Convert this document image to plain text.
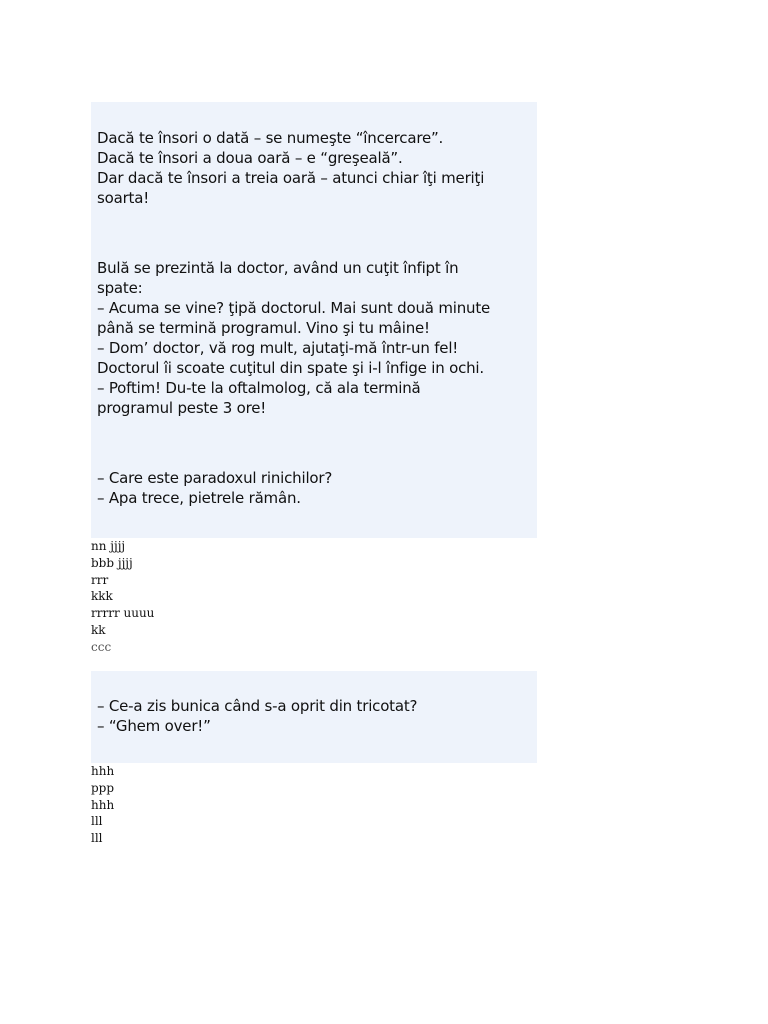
Dacă te însori o dată – se numeşte “încercare”.
Dacă te însori a doua oară – e “greşeală”.
Dar dacă te însori a treia oară – atunci chiar îţi meriţi
soarta!
Bulă se prezintă la doctor, având un cuţit înfipt în
spate:
– Acuma se vine? ţipă doctorul. Mai sunt două minute
până se termină programul. Vino şi tu mâine!
– Dom’ doctor, vă rog mult, ajutaţi-mă într-un fel!
Doctorul îi scoate cuţitul din spate şi i-l înfige in ochi.
– Poftim! Du-te la oftalmolog, că ala termină
programul peste 3 ore!
– Care este paradoxul rinichilor?
– Apa trece, pietrele rămân.
nn jjjj
bbb jjjj
rrr
kkk
rrrrr uuuu
kk
ccc
– Ce-a zis bunica când s-a oprit din tricotat?
– “Ghem over!”
hhh
ppp
hhh
lll
lll
